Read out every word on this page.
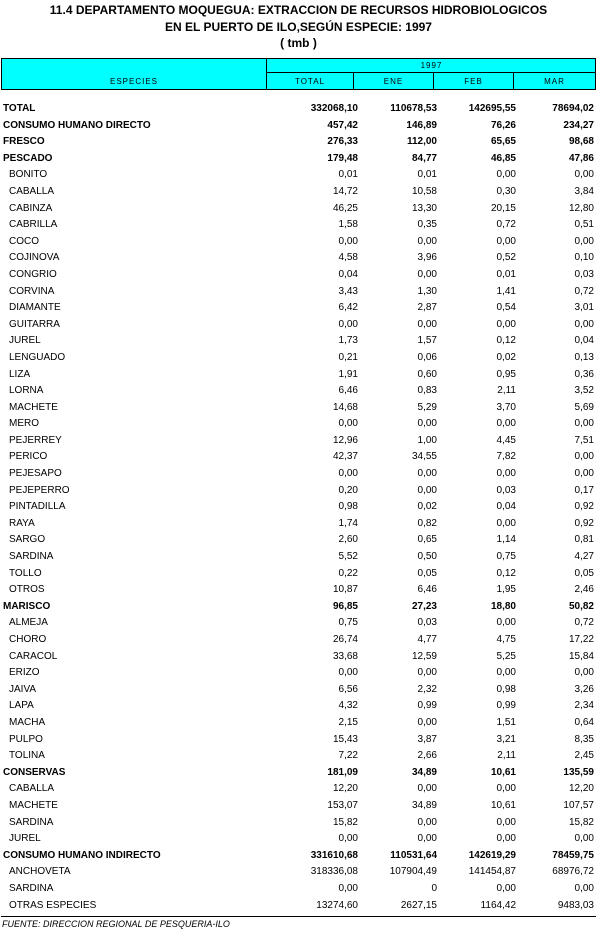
11.4 DEPARTAMENTO MOQUEGUA: EXTRACCION DE RECURSOS HIDROBIOLOGICOS
EN EL PUERTO DE ILO,SEGÚN ESPECIE: 1997
( tmb )
ESPECIES
1997
TOTAL	ENE	FEB	MAR
TOTAL	332068,10	110678,53	142695,55	78694,02
CONSUMO HUMANO DIRECTO	457,42	146,89	76,26	234,27
FRESCO	276,33	112,00	65,65	98,68
PESCADO	179,48	84,77	46,85	47,86
BONITO	0,01	0,01	0,00	0,00
CABALLA	14,72	10,58	0,30	3,84
CABINZA	46,25	13,30	20,15	12,80
CABRILLA	1,58	0,35	0,72	0,51
COCO	0,00	0,00	0,00	0,00
COJINOVA	4,58	3,96	0,52	0,10
CONGRIO	0,04	0,00	0,01	0,03
CORVINA	3,43	1,30	1,41	0,72
DIAMANTE	6,42	2,87	0,54	3,01
GUITARRA	0,00	0,00	0,00	0,00
JUREL	1,73	1,57	0,12	0,04
LENGUADO	0,21	0,06	0,02	0,13
LIZA	1,91	0,60	0,95	0,36
LORNA	6,46	0,83	2,11	3,52
MACHETE	14,68	5,29	3,70	5,69
MERO	0,00	0,00	0,00	0,00
PEJERREY	12,96	1,00	4,45	7,51
PERICO	42,37	34,55	7,82	0,00
PEJESAPO	0,00	0,00	0,00	0,00
PEJEPERRO	0,20	0,00	0,03	0,17
PINTADILLA	0,98	0,02	0,04	0,92
RAYA	1,74	0,82	0,00	0,92
SARGO	2,60	0,65	1,14	0,81
SARDINA	5,52	0,50	0,75	4,27
TOLLO	0,22	0,05	0,12	0,05
OTROS	10,87	6,46	1,95	2,46
MARISCO	96,85	27,23	18,80	50,82
ALMEJA	0,75	0,03	0,00	0,72
CHORO	26,74	4,77	4,75	17,22
CARACOL	33,68	12,59	5,25	15,84
ERIZO	0,00	0,00	0,00	0,00
JAIVA	6,56	2,32	0,98	3,26
LAPA	4,32	0,99	0,99	2,34
MACHA	2,15	0,00	1,51	0,64
PULPO	15,43	3,87	3,21	8,35
TOLINA	7,22	2,66	2,11	2,45
CONSERVAS	181,09	34,89	10,61	135,59
CABALLA	12,20	0,00	0,00	12,20
MACHETE	153,07	34,89	10,61	107,57
SARDINA	15,82	0,00	0,00	15,82
JUREL	0,00	0,00	0,00	0,00
CONSUMO HUMANO INDIRECTO	331610,68	110531,64	142619,29	78459,75
ANCHOVETA	318336,08	107904,49	141454,87	68976,72
SARDINA	0,00	0	0,00	0,00
OTRAS ESPECIES	13274,60	2627,15	1164,42	9483,03
FUENTE: DIRECCION REGIONAL DE PESQUERIA-ILO
